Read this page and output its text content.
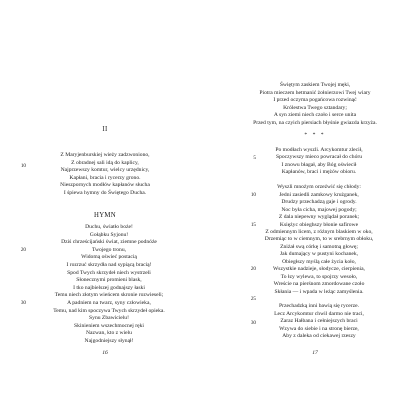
II
Z Maryjenburskiej wieży zadzwoniono,
Z obradnej sali idą do kaplicy,
Najprzewszy komtur, wielcy urzędnicy,
Kapłani, bracia i rycerzy grono.
Nieszpornych modłów kapłanów słucha
I śpiewa hymny do Świętego Ducha.
HYMN
Duchu, światło boże!
Gołąbku Syjonu!
Dziś chrześcijański świat, ziemne podnóże
Twojego tronu,
Widomą oświeć postacią
I rozrzuć skrzydła nad sypiącą bracią!
Spod Twych skrzydeł niech wystrzeli
Słonecznymi promieni blask,
I tko najbielszej godnajszy łaski
Temu niech złotym wieńcem skronie rozwieseli;
A padniem na twarz, syny człowieka,
Temu, nad kim spoczywa Twych skrzydeł opieka.
Synu Zbawicielu!
Skinieniem wszechmocnej ręki
Nazwan, kto z wielu
Najgodniejszy słynął!
10
20
30
16
Świętym zaskiem Twojej męki,
Piotra mieczem hetmanić żołnierzowi Twej wiary
I przed oczyma pogańcowa rozwinąć
Królestwa Twego sztandary;
A syn ziemi niech czoło i serce unita
Przed tym, na czyich piersiach błyśnie gwiazda krzyża.
* * *
Po modłach wyszli. Arcykomtur zlecił,
Spoczywszy mieco powracał do chóru
I znowu błagał, aby Bóg oświecił
Kapłanów, braci i mężów obioru.
Wyszli mnożym orzeźwić się chłody:
Jedni zasiedli zamkowy krużganek,
Drudzy przechadzą gaje i ogrody.
Noc była cicha, majowej pogody;
Z dala niepewny wyglądał poranek;
Księżyc obieghszy błonie safirowe
Z odmiennym licem, z różnym blaskiem w oko,
Drzemiąc to w ciemnym, to w srebrnym obłoku,
Zniżał swą córkę i samotną głowę;
Jak dumający w pustyni kochanek,
Obiegłszy myślą całe życia koło,
Wszystkie nadzieje, słodycze, cierpienia,
To łzy wylewa, to spojrzy wesoło,
Wreście na pierśnom zmordowane czoło
Skłania — i wpada w leżąc zamyślenia.
Przechadzką inni bawią się rycerze.
Lecz Arcykomtur chwil darmo nie traci,
Zaraz Hałbana i cełniejszych braci
Wzywa do siebie i na stronę bierze,
Aby z daleka od ciekawej rzeszy
5
10
15
20
25
30
17
